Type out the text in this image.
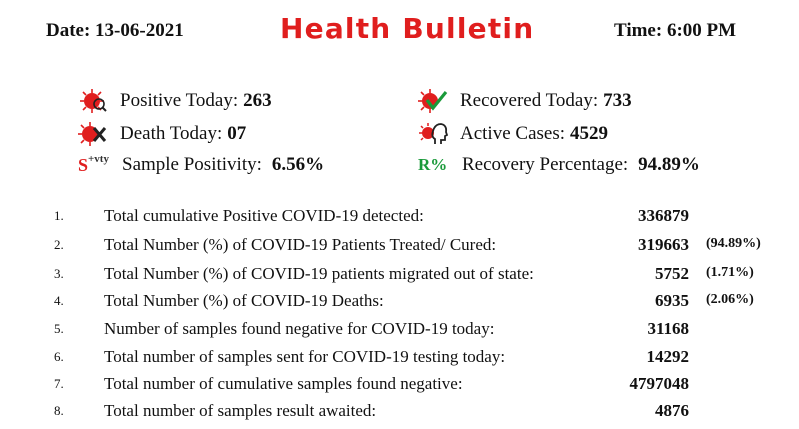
Date: 13-06-2021	Health Bulletin	Time: 6:00 PM
Positive Today: 263
Death Today: 07
$S^{+vty}$ Sample Positivity: 6.56%
Recovered Today: 733
Active Cases: 4529
R% Recovery Percentage: 94.89%
1. Total cumulative Positive COVID-19 detected:	336879
2. Total Number (%) of COVID-19 Patients Treated/ Cured:	319663 (94.89%)
3. Total Number (%) of COVID-19 patients migrated out of state:	5752 (1.71%)
4. Total Number (%) of COVID-19 Deaths:	6935 (2.06%)
5. Number of samples found negative for COVID-19 today:	31168
6. Total number of samples sent for COVID-19 testing today:	14292
7. Total number of cumulative samples found negative:	4797048
8. Total number of samples result awaited:	4876
